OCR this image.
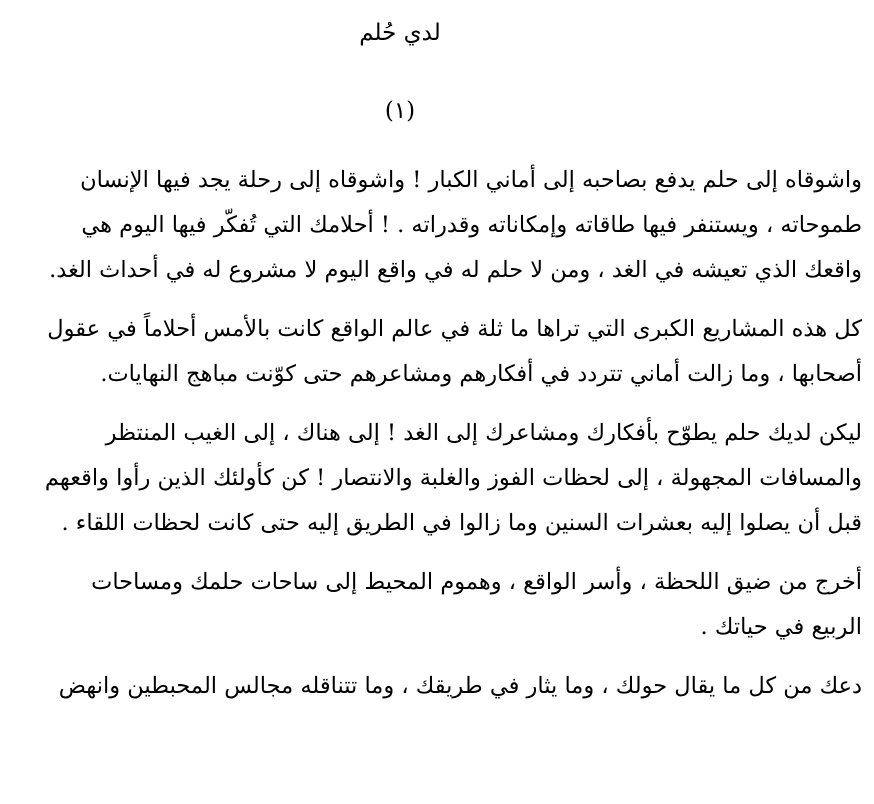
لدي حُلم
(١)
واشوقاه إلى حلم يدفع بصاحبه إلى أماني الكبار ! واشوقاه إلى رحلة يجد فيها الإنسان
طموحاته ، ويستنفر فيها طاقاته وإمكاناته وقدراته . ! أحلامك التي تُفكّر فيها اليوم هي
واقعك الذي تعيشه في الغد ، ومن لا حلم له في واقع اليوم لا مشروع له في أحداث الغد.
كل هذه المشاريع الكبرى التي تراها ما ثلة في عالم الواقع كانت بالأمس أحلاماً في عقول
أصحابها ، وما زالت أماني تتردد في أفكارهم ومشاعرهم حتى كوّنت مباهج النهايات.
ليكن لديك حلم يطوّح بأفكارك ومشاعرك إلى الغد ! إلى هناك ، إلى الغيب المنتظر
والمسافات المجهولة ، إلى لحظات الفوز والغلبة والانتصار ! كن كأولئك الذين رأوا واقعهم
قبل أن يصلوا إليه بعشرات السنين وما زالوا في الطريق إليه حتى كانت لحظات اللقاء .
أخرج من ضيق اللحظة ، وأسر الواقع ، وهموم المحيط إلى ساحات حلمك ومساحات
الربيع في حياتك .
دعك من كل ما يقال حولك ، وما يثار في طريقك ، وما تتناقله مجالس المحبطين وانهض
